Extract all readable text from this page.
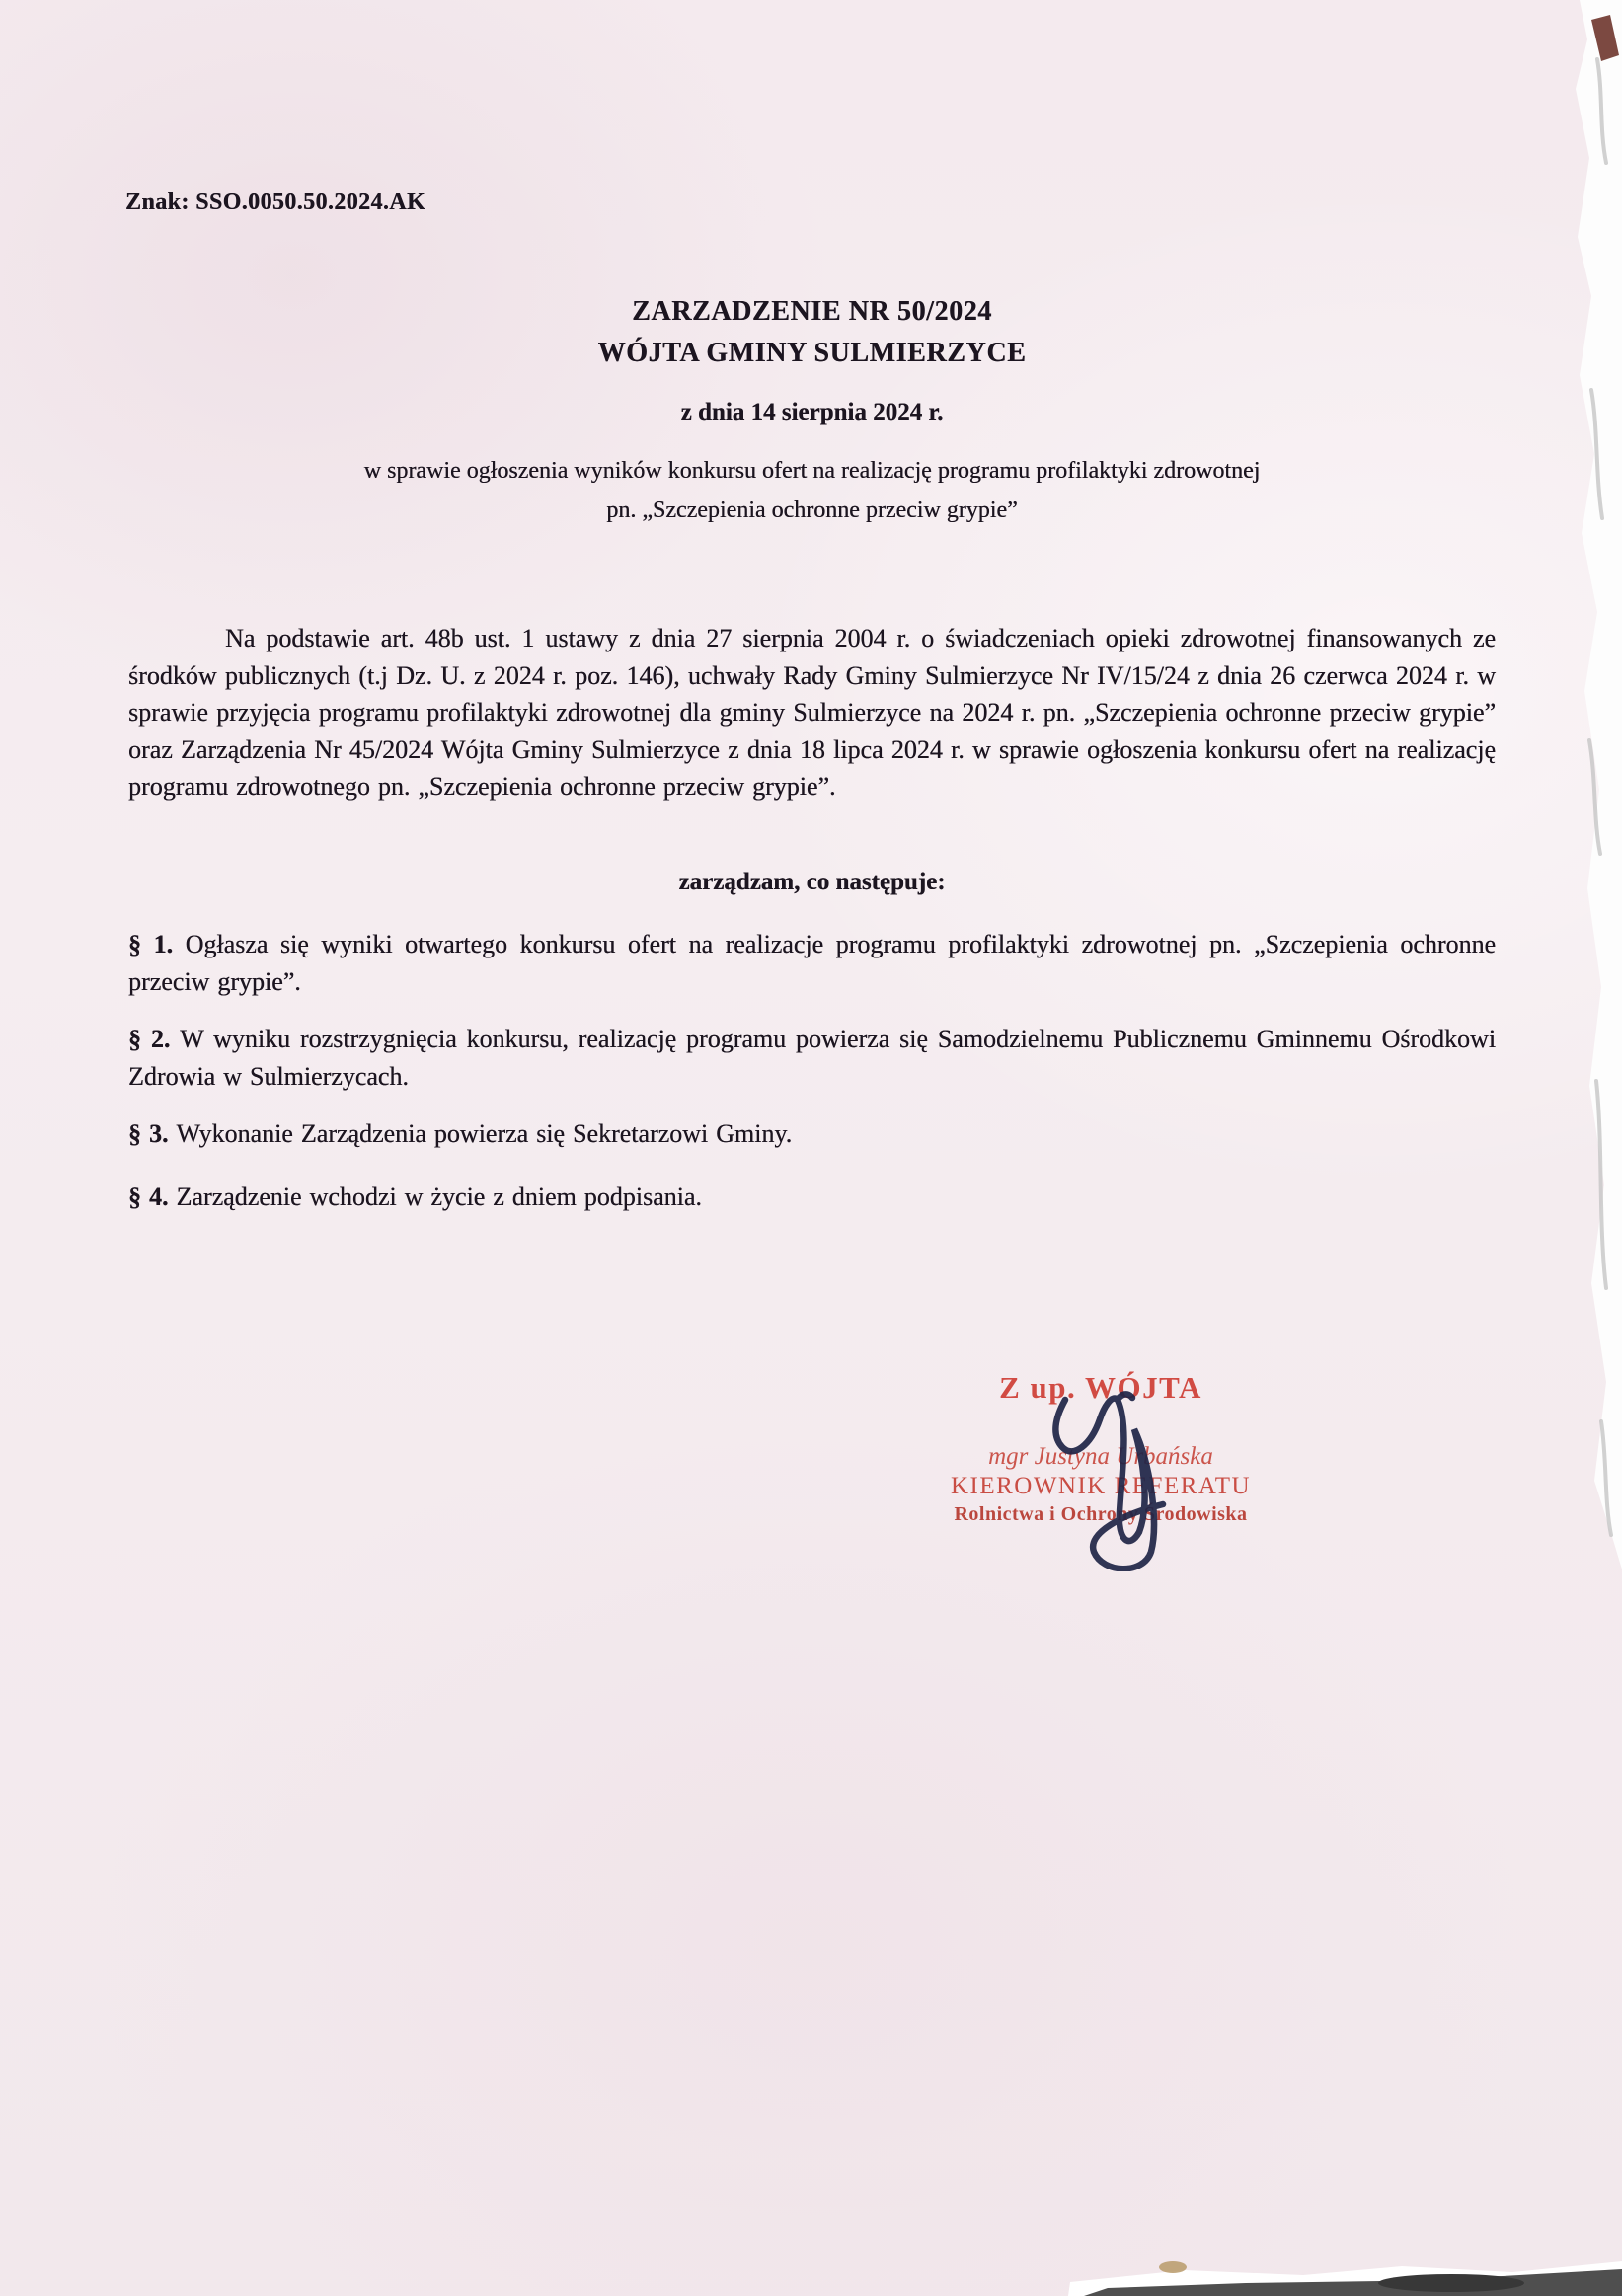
Znak: SSO.0050.50.2024.AK
ZARZADZENIE NR 50/2024
WÓJTA GMINY SULMIERZYCE
z dnia 14 sierpnia 2024 r.
w sprawie ogłoszenia wyników konkursu ofert na realizację programu profilaktyki zdrowotnej
pn. „Szczepienia ochronne przeciw grypie”
Na podstawie art. 48b ust. 1 ustawy z dnia 27 sierpnia 2004 r. o świadczeniach opieki zdrowotnej finansowanych ze środków publicznych (t.j Dz. U. z 2024 r. poz. 146), uchwały Rady Gminy Sulmierzyce Nr IV/15/24 z dnia 26 czerwca 2024 r. w sprawie przyjęcia programu profilaktyki zdrowotnej dla gminy Sulmierzyce na 2024 r. pn. „Szczepienia ochronne przeciw grypie” oraz Zarządzenia Nr 45/2024 Wójta Gminy Sulmierzyce z dnia 18 lipca 2024 r. w sprawie ogłoszenia konkursu ofert na realizację programu zdrowotnego pn. „Szczepienia ochronne przeciw grypie”.
zarządzam, co następuje:
§ 1. Ogłasza się wyniki otwartego konkursu ofert na realizacje programu profilaktyki zdrowotnej pn. „Szczepienia ochronne przeciw grypie”.
§ 2. W wyniku rozstrzygnięcia konkursu, realizację programu powierza się Samodzielnemu Publicznemu Gminnemu Ośrodkowi Zdrowia w Sulmierzycach.
§ 3. Wykonanie Zarządzenia powierza się Sekretarzowi Gminy.
§ 4. Zarządzenie wchodzi w życie z dniem podpisania.
Z up. WÓJTA
mgr Justyna Urbańska
KIEROWNIK REFERATU
Rolnictwa i Ochrony Środowiska
